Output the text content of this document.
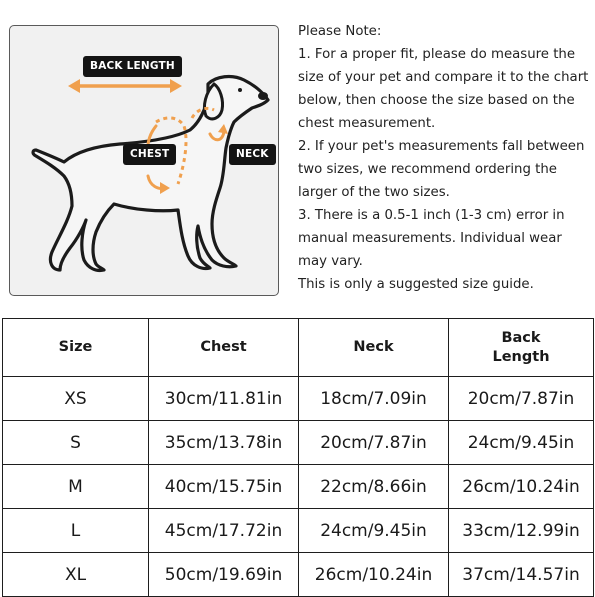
BACK LENGTH
CHEST	NECK

Please Note:

1. For a proper fit, please do measure the size of your pet and compare it to the chart below, then choose the size based on the chest measurement.

2. If your pet's measurements fall between two sizes, we recommend ordering the larger of the two sizes.

3. There is a 0.5-1 inch (1-3 cm) error in manual measurements. Individual wear may vary.

This is only a suggested size guide.

Size	Chest	Neck	Back Length
XS	30cm/11.81in	18cm/7.09in	20cm/7.87in
S	35cm/13.78in	20cm/7.87in	24cm/9.45in
M	40cm/15.75in	22cm/8.66in	26cm/10.24in
L	45cm/17.72in	24cm/9.45in	33cm/12.99in
XL	50cm/19.69in	26cm/10.24in	37cm/14.57in
